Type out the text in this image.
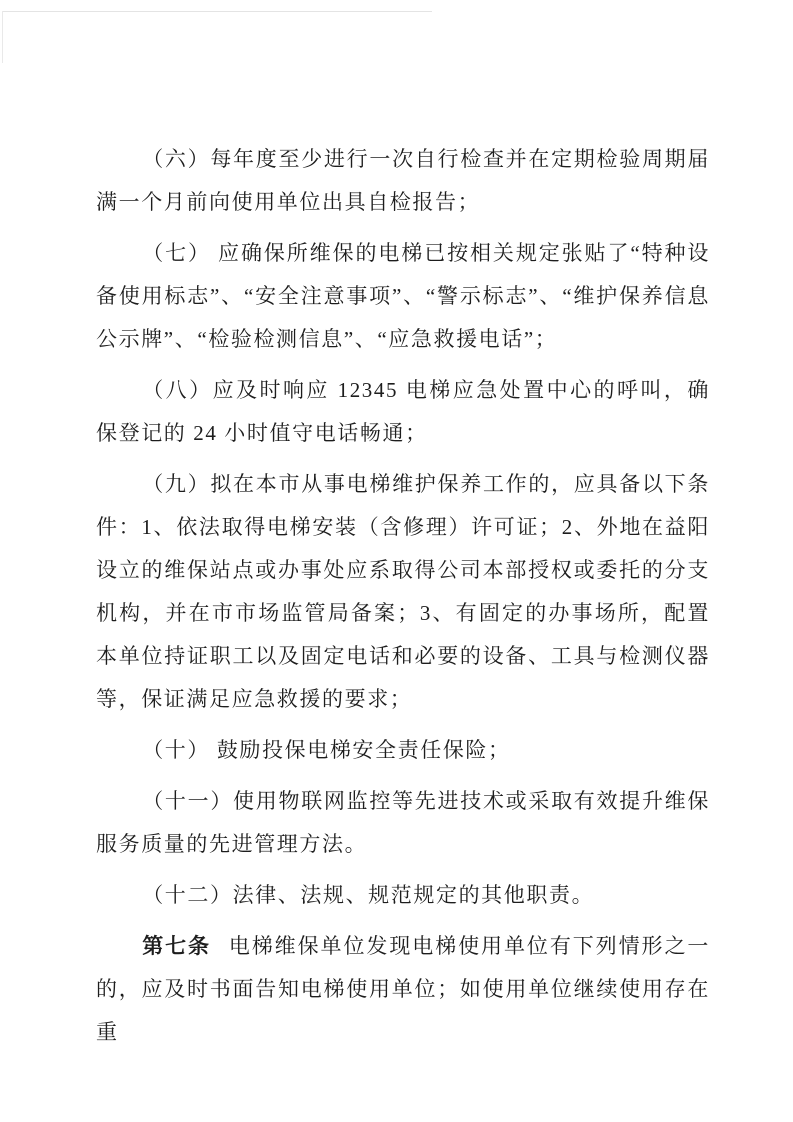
（六）每年度至少进行一次自行检查并在定期检验周期届满一个月前向使用单位出具自检报告；

（七） 应确保所维保的电梯已按相关规定张贴了“特种设备使用标志”、“安全注意事项”、“警示标志”、“维护保养信息公示牌”、“检验检测信息”、“应急救援电话”；

（八）应及时响应 12345 电梯应急处置中心的呼叫，确保登记的 24 小时值守电话畅通；

（九）拟在本市从事电梯维护保养工作的，应具备以下条件：1、依法取得电梯安装（含修理）许可证；2、外地在益阳设立的维保站点或办事处应系取得公司本部授权或委托的分支机构，并在市市场监管局备案；3、有固定的办事场所，配置本单位持证职工以及固定电话和必要的设备、工具与检测仪器等，保证满足应急救援的要求；

（十） 鼓励投保电梯安全责任保险；

（十一）使用物联网监控等先进技术或采取有效提升维保服务质量的先进管理方法。

（十二）法律、法规、规范规定的其他职责。

第七条 电梯维保单位发现电梯使用单位有下列情形之一的，应及时书面告知电梯使用单位；如使用单位继续使用存在重
